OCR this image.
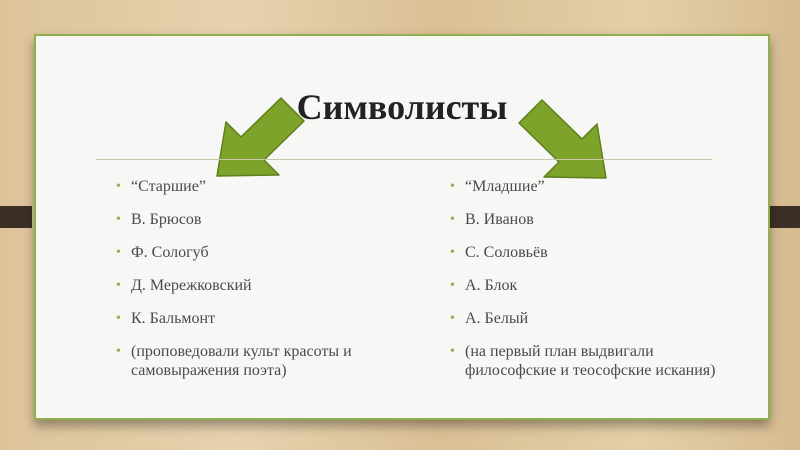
Символисты
• “Старшие”
• В. Брюсов
• Ф. Сологуб
• Д. Мережковский
• К. Бальмонт
• (проповедовали культ красоты и самовыражения поэта)
• “Младшие”
• В. Иванов
• С. Соловьёв
• А. Блок
• А. Белый
• (на первый план выдвигали философские и теософские искания)
